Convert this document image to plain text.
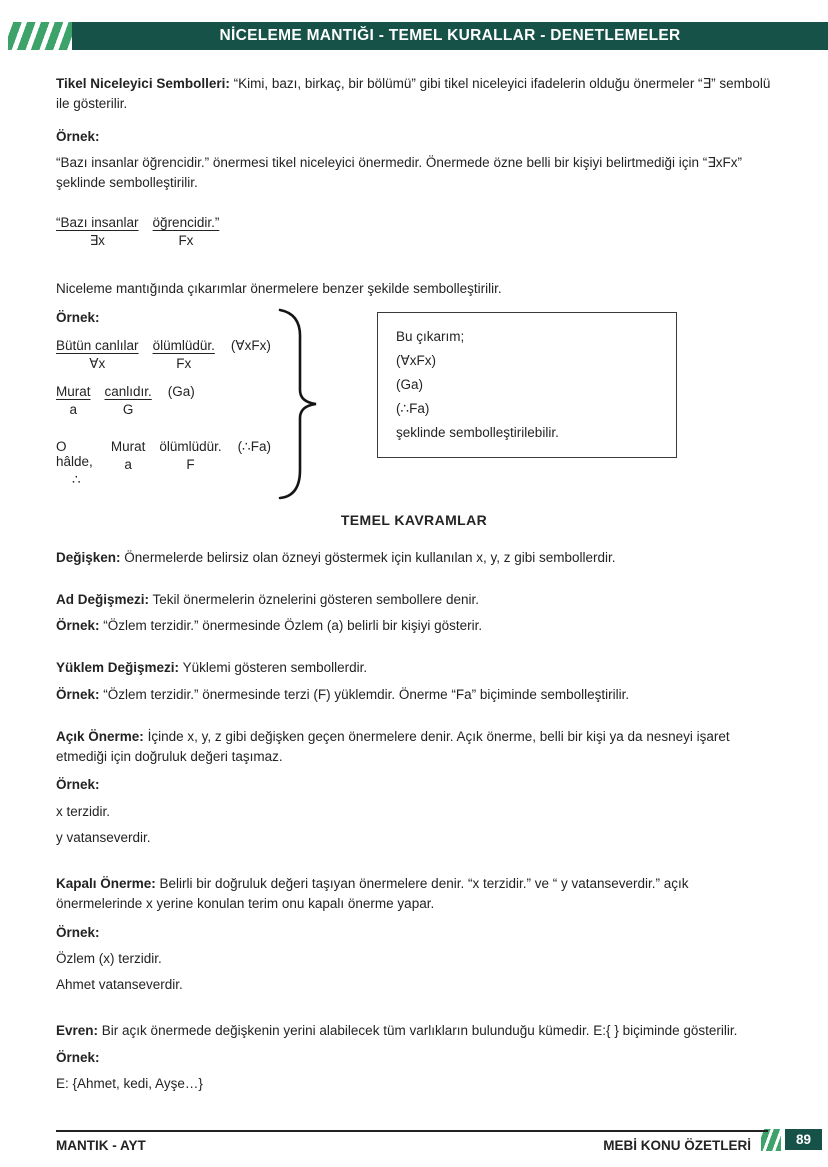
NİCELEME MANTIĞI - TEMEL KURALLAR - DENETLEMELER

Tikel Niceleyici Sembolleri: “Kimi, bazı, birkaç, bir bölümü” gibi tikel niceleyici ifadelerin olduğu önermeler “∃” sembolü ile gösterilir.

Örnek:

“Bazı insanlar öğrencidir.” önermesi tikel niceleyici önermedir. Önermede özne belli bir kişiyi belirtmediği için “∃xFx” şeklinde sembolleştirilir.

“Bazı insanlar
∃x
öğrencidir.”
Fx

Niceleme mantığında çıkarımlar önermelere benzer şekilde sembolleştirilir.

Örnek:

Bütün canlılar
∀x
ölümlüdür.
Fx
(∀xFx)
Murat
a
canlıdır.
G
(Ga)
O hâlde,
∴
Murat
a
ölümlüdür.
F
(∴Fa)

Bu çıkarım;

(∀xFx)

(Ga)

(∴Fa)

şeklinde sembolleştirilebilir.

TEMEL KAVRAMLAR

Değişken: Önermelerde belirsiz olan özneyi göstermek için kullanılan x, y, z gibi sembollerdir.

Ad Değişmezi: Tekil önermelerin öznelerini gösteren sembollere denir.

Örnek: “Özlem terzidir.” önermesinde Özlem (a) belirli bir kişiyi gösterir.

Yüklem Değişmezi: Yüklemi gösteren sembollerdir.

Örnek: “Özlem terzidir.” önermesinde terzi (F) yüklemdir. Önerme “Fa” biçiminde sembolleştirilir.

Açık Önerme: İçinde x, y, z gibi değişken geçen önermelere denir. Açık önerme, belli bir kişi ya da nesneyi işaret etmediği için doğruluk değeri taşımaz.

Örnek:

x terzidir.

y vatanseverdir.

Kapalı Önerme: Belirli bir doğruluk değeri taşıyan önermelere denir. “x terzidir.” ve “ y vatanseverdir.” açık önermelerinde x yerine konulan terim onu kapalı önerme yapar.

Örnek:

Özlem (x) terzidir.

Ahmet vatanseverdir.

Evren: Bir açık önermede değişkenin yerini alabilecek tüm varlıkların bulunduğu kümedir. E:{ } biçiminde gösterilir.

Örnek:

E: {Ahmet, kedi, Ayşe…}

MANTIK - AYT	MEBİ KONU ÖZETLERİ	89
